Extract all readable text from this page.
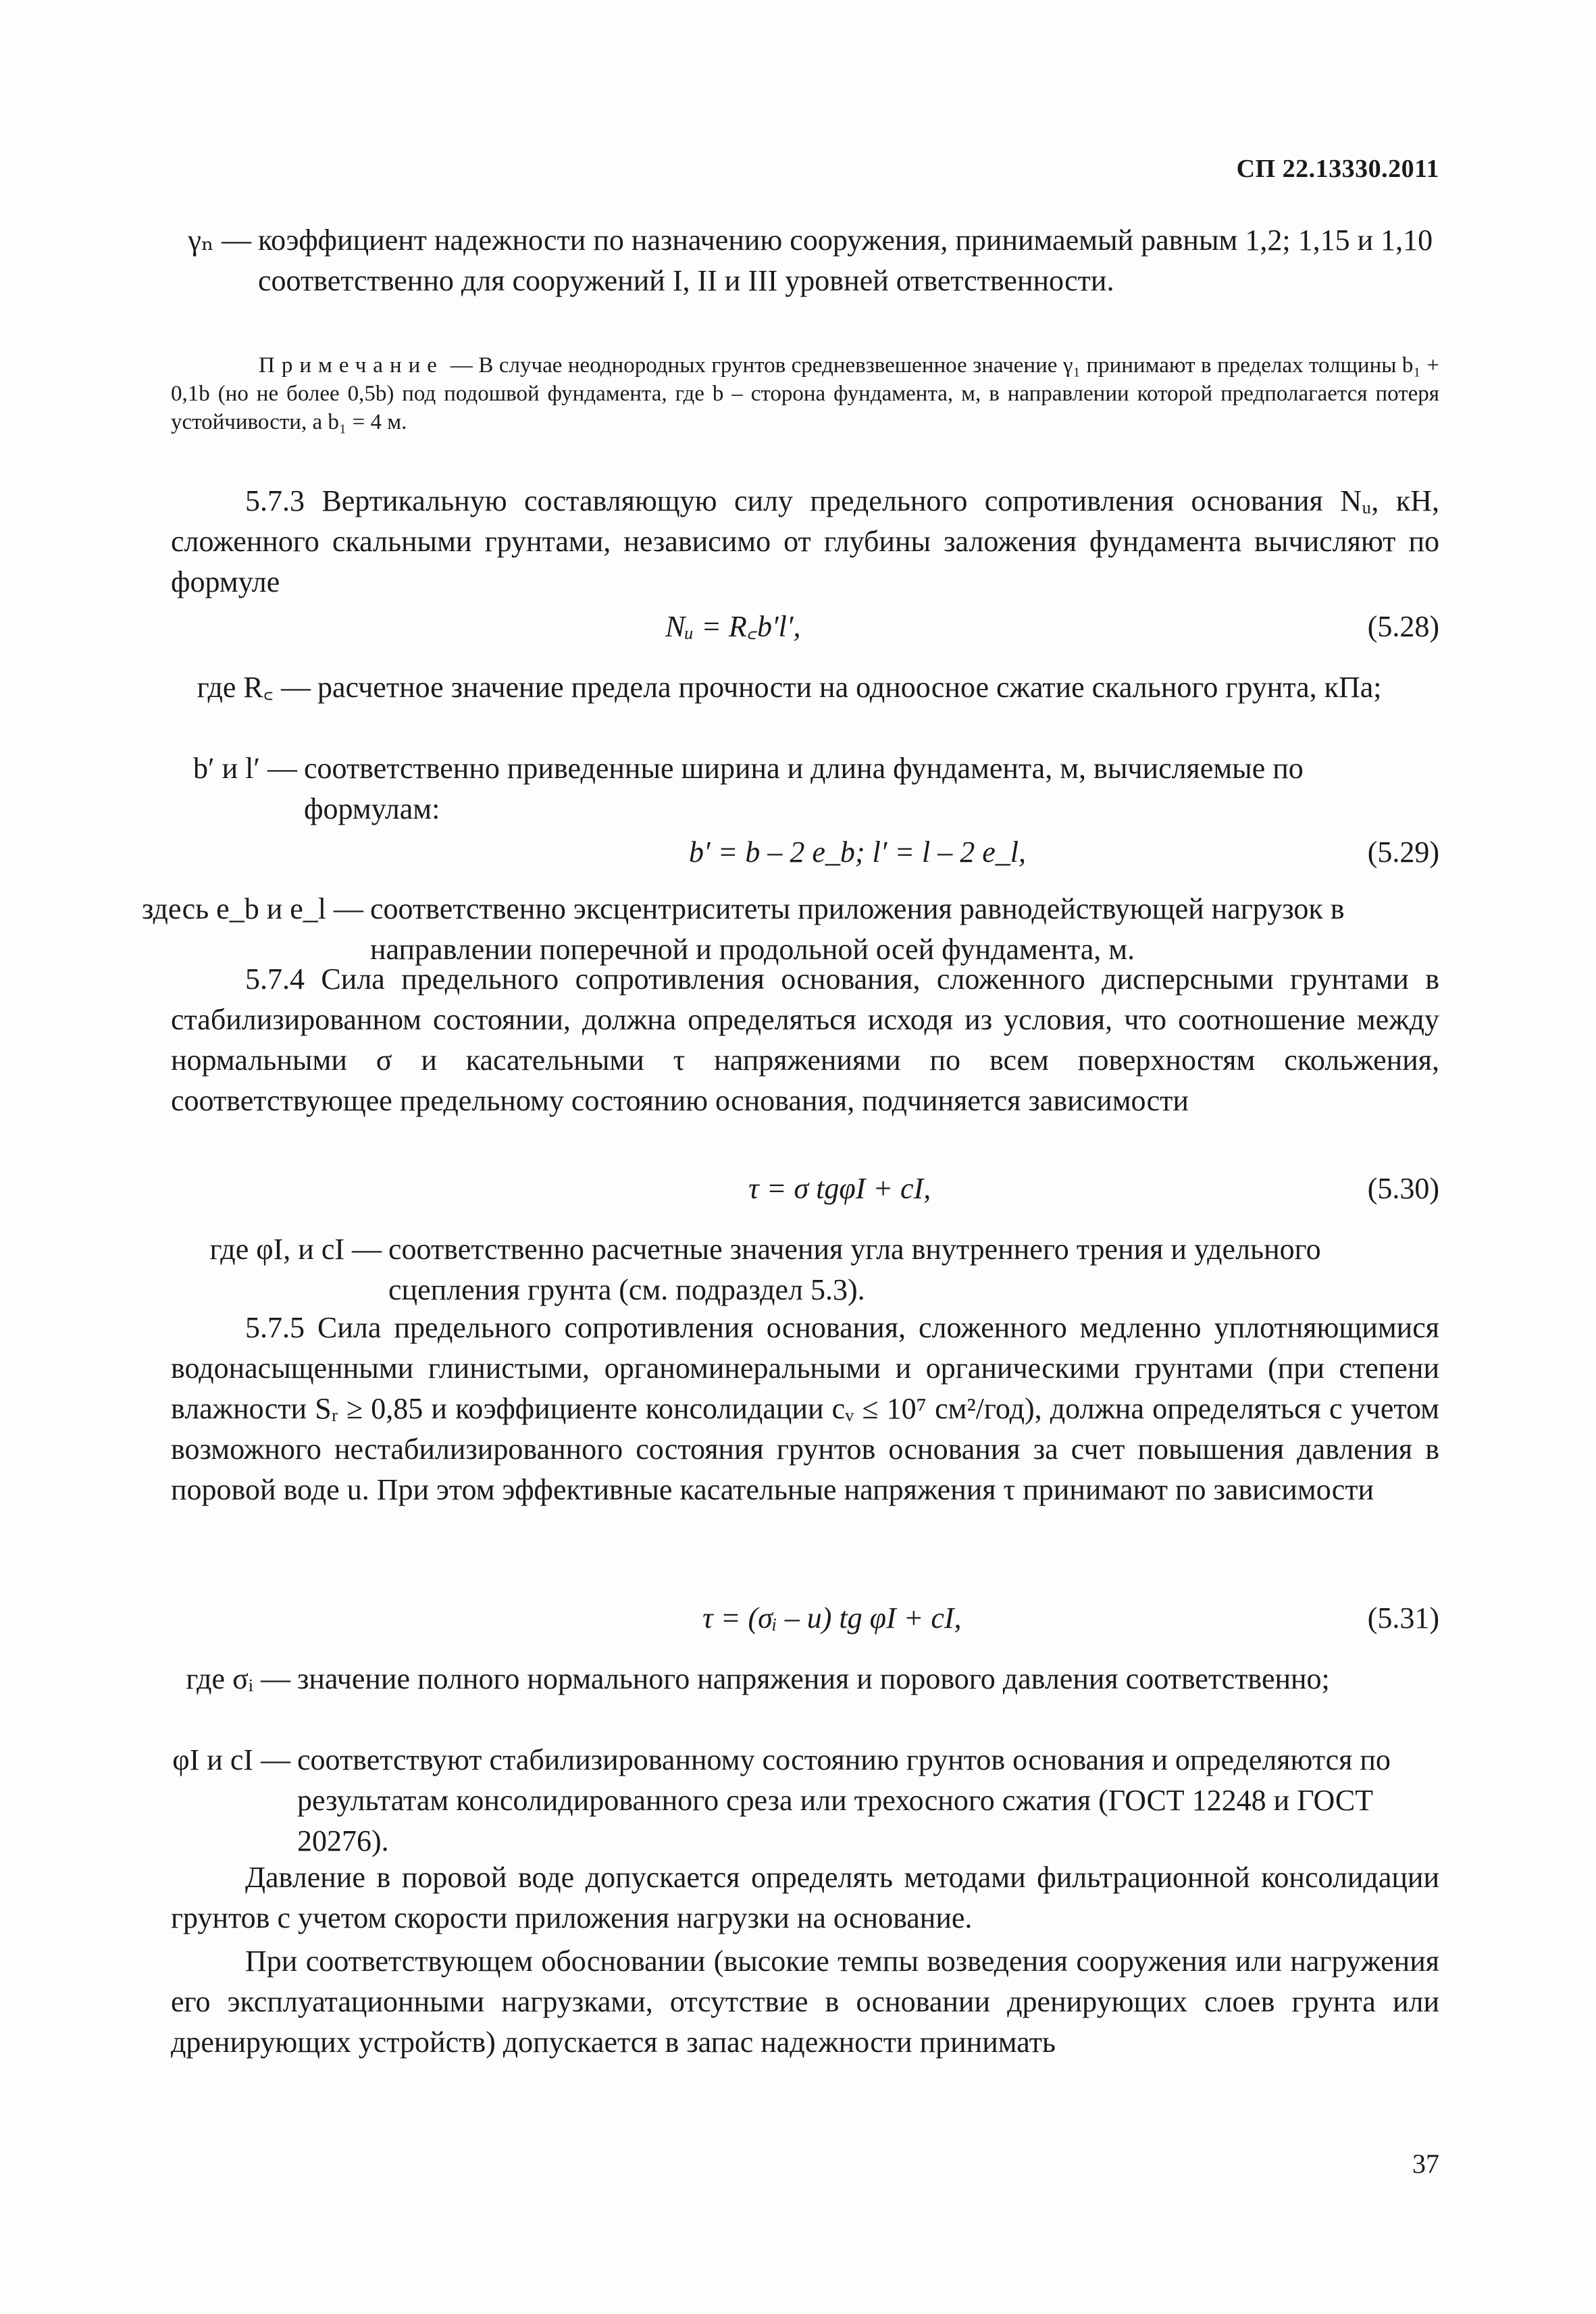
СП 22.13330.2011
γₙ — коэффициент надежности по назначению сооружения, принимаемый равным 1,2; 1,15 и 1,10 соответственно для сооружений I, II и III уровней ответственности.
Примечание — В случае неоднородных грунтов средневзвешенное значение γ₁ принимают в пределах толщины b₁ + 0,1b (но не более 0,5b) под подошвой фундамента, где b – сторона фундамента, м, в направлении которой предполагается потеря устойчивости, а b₁ = 4 м.
5.7.3 Вертикальную составляющую силу предельного сопротивления основания Nᵤ, кН, сложенного скальными грунтами, независимо от глубины заложения фундамента вычисляют по формуле
Nᵤ = R꜀b′l′,	(5.28)
где R꜀ — расчетное значение предела прочности на одноосное сжатие скального грунта, кПа;
b′ и l′ — соответственно приведенные ширина и длина фундамента, м, вычисляемые по формулам:
b′ = b – 2 e_b; l′ = l – 2 e_l,	(5.29)
здесь e_b и e_l — соответственно эксцентриситеты приложения равнодействующей нагрузок в направлении поперечной и продольной осей фундамента, м.
5.7.4 Сила предельного сопротивления основания, сложенного дисперсными грунтами в стабилизированном состоянии, должна определяться исходя из условия, что соотношение между нормальными σ и касательными τ напряжениями по всем поверхностям скольжения, соответствующее предельному состоянию основания, подчиняется зависимости
τ = σ tgφI + cI,	(5.30)
где φI, и cI — соответственно расчетные значения угла внутреннего трения и удельного сцепления грунта (см. подраздел 5.3).
5.7.5 Сила предельного сопротивления основания, сложенного медленно уплотняющимися водонасыщенными глинистыми, органоминеральными и органическими грунтами (при степени влажности Sᵣ ≥ 0,85 и коэффициенте консолидации cᵥ ≤ 10⁷ см²/год), должна определяться с учетом возможного нестабилизированного состояния грунтов основания за счет повышения давления в поровой воде u. При этом эффективные касательные напряжения τ принимают по зависимости
τ = (σᵢ – u) tg φI + cI,	(5.31)
где σᵢ — значение полного нормального напряжения и порового давления соответственно;
φI и cI — соответствуют стабилизированному состоянию грунтов основания и определяются по результатам консолидированного среза или трехосного сжатия (ГОСТ 12248 и ГОСТ 20276).
Давление в поровой воде допускается определять методами фильтрационной консолидации грунтов с учетом скорости приложения нагрузки на основание.
При соответствующем обосновании (высокие темпы возведения сооружения или нагружения его эксплуатационными нагрузками, отсутствие в основании дренирующих слоев грунта или дренирующих устройств) допускается в запас надежности принимать
37
